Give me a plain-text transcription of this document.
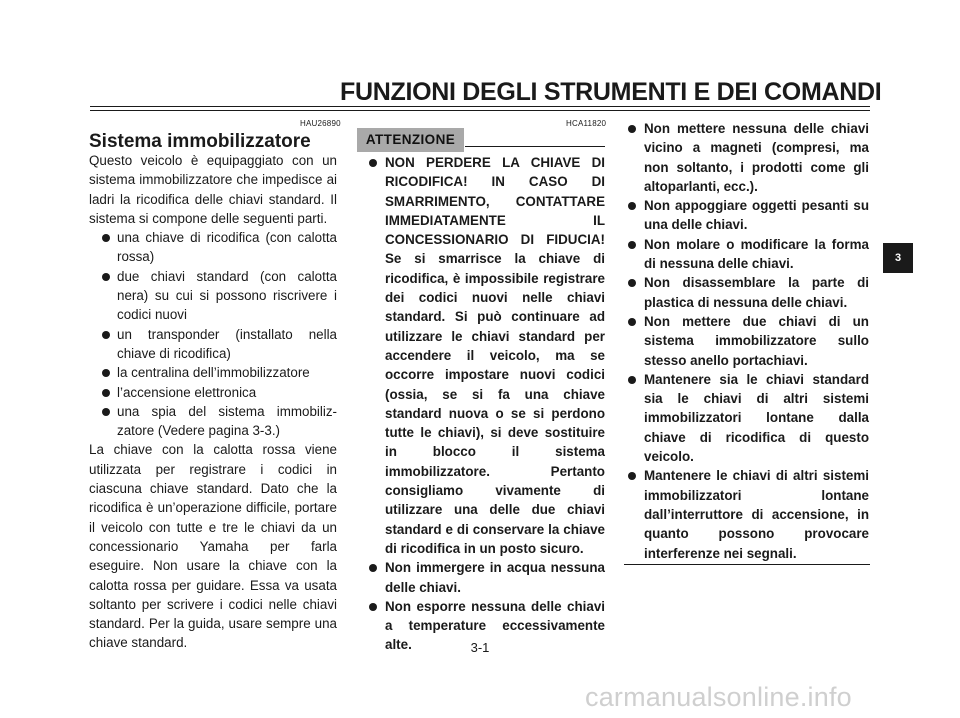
FUNZIONI DEGLI STRUMENTI E DEI COMANDI
HAU26890
Sistema immobilizzatore
Questo veicolo è equipaggiato con un sistema immobilizzatore che impedisce ai ladri la ricodifica delle chiavi standard. Il sistema si compone delle seguenti parti.
una chiave di ricodifica (con calotta rossa)
due chiavi standard (con calotta nera) su cui si possono riscrivere i codici nuovi
un transponder (installato nella chiave di ricodifica)
la centralina dell’immobilizzatore
l’accensione elettronica
una spia del sistema immobiliz-zatore (Vedere pagina 3-3.)
La chiave con la calotta rossa viene utilizzata per registrare i codici in ciascuna chiave standard. Dato che la ricodifica è un’operazione difficile, portare il veicolo con tutte e tre le chiavi da un concessionario Yamaha per farla eseguire. Non usare la chiave con la calotta rossa per guidare. Essa va usata soltanto per scrivere i codici nelle chiavi standard. Per la guida, usare sempre una chiave standard.
HCA11820
ATTENZIONE
NON PERDERE LA CHIAVE DI RICODIFICA! IN CASO DI SMARRIMENTO, CONTATTARE IMMEDIATAMENTE IL CONCESSIONARIO DI FIDUCIA! Se si smarrisce la chiave di ricodifica, è impossibile registrare dei codici nuovi nelle chiavi standard. Si può continuare ad utilizzare le chiavi standard per accendere il veicolo, ma se occorre impostare nuovi codici (ossia, se si fa una chiave standard nuova o se si perdono tutte le chiavi), si deve sostituire in blocco il sistema immobilizzatore. Pertanto consigliamo vivamente di utilizzare una delle due chiavi standard e di conservare la chiave di ricodifica in un posto sicuro.
Non immergere in acqua nessuna delle chiavi.
Non esporre nessuna delle chiavi a temperature eccessivamente alte.
Non mettere nessuna delle chiavi vicino a magneti (compresi, ma non soltanto, i prodotti come gli altoparlanti, ecc.).
Non appoggiare oggetti pesanti su una delle chiavi.
Non molare o modificare la forma di nessuna delle chiavi.
Non disassemblare la parte di plastica di nessuna delle chiavi.
Non mettere due chiavi di un sistema immobilizzatore sullo stesso anello portachiavi.
Mantenere sia le chiavi standard sia le chiavi di altri sistemi immobilizzatori lontane dalla chiave di ricodifica di questo veicolo.
Mantenere le chiavi di altri sistemi immobilizzatori lontane dall’interruttore di accensione, in quanto possono provocare interferenze nei segnali.
3
3-1
carmanualsonline.info
